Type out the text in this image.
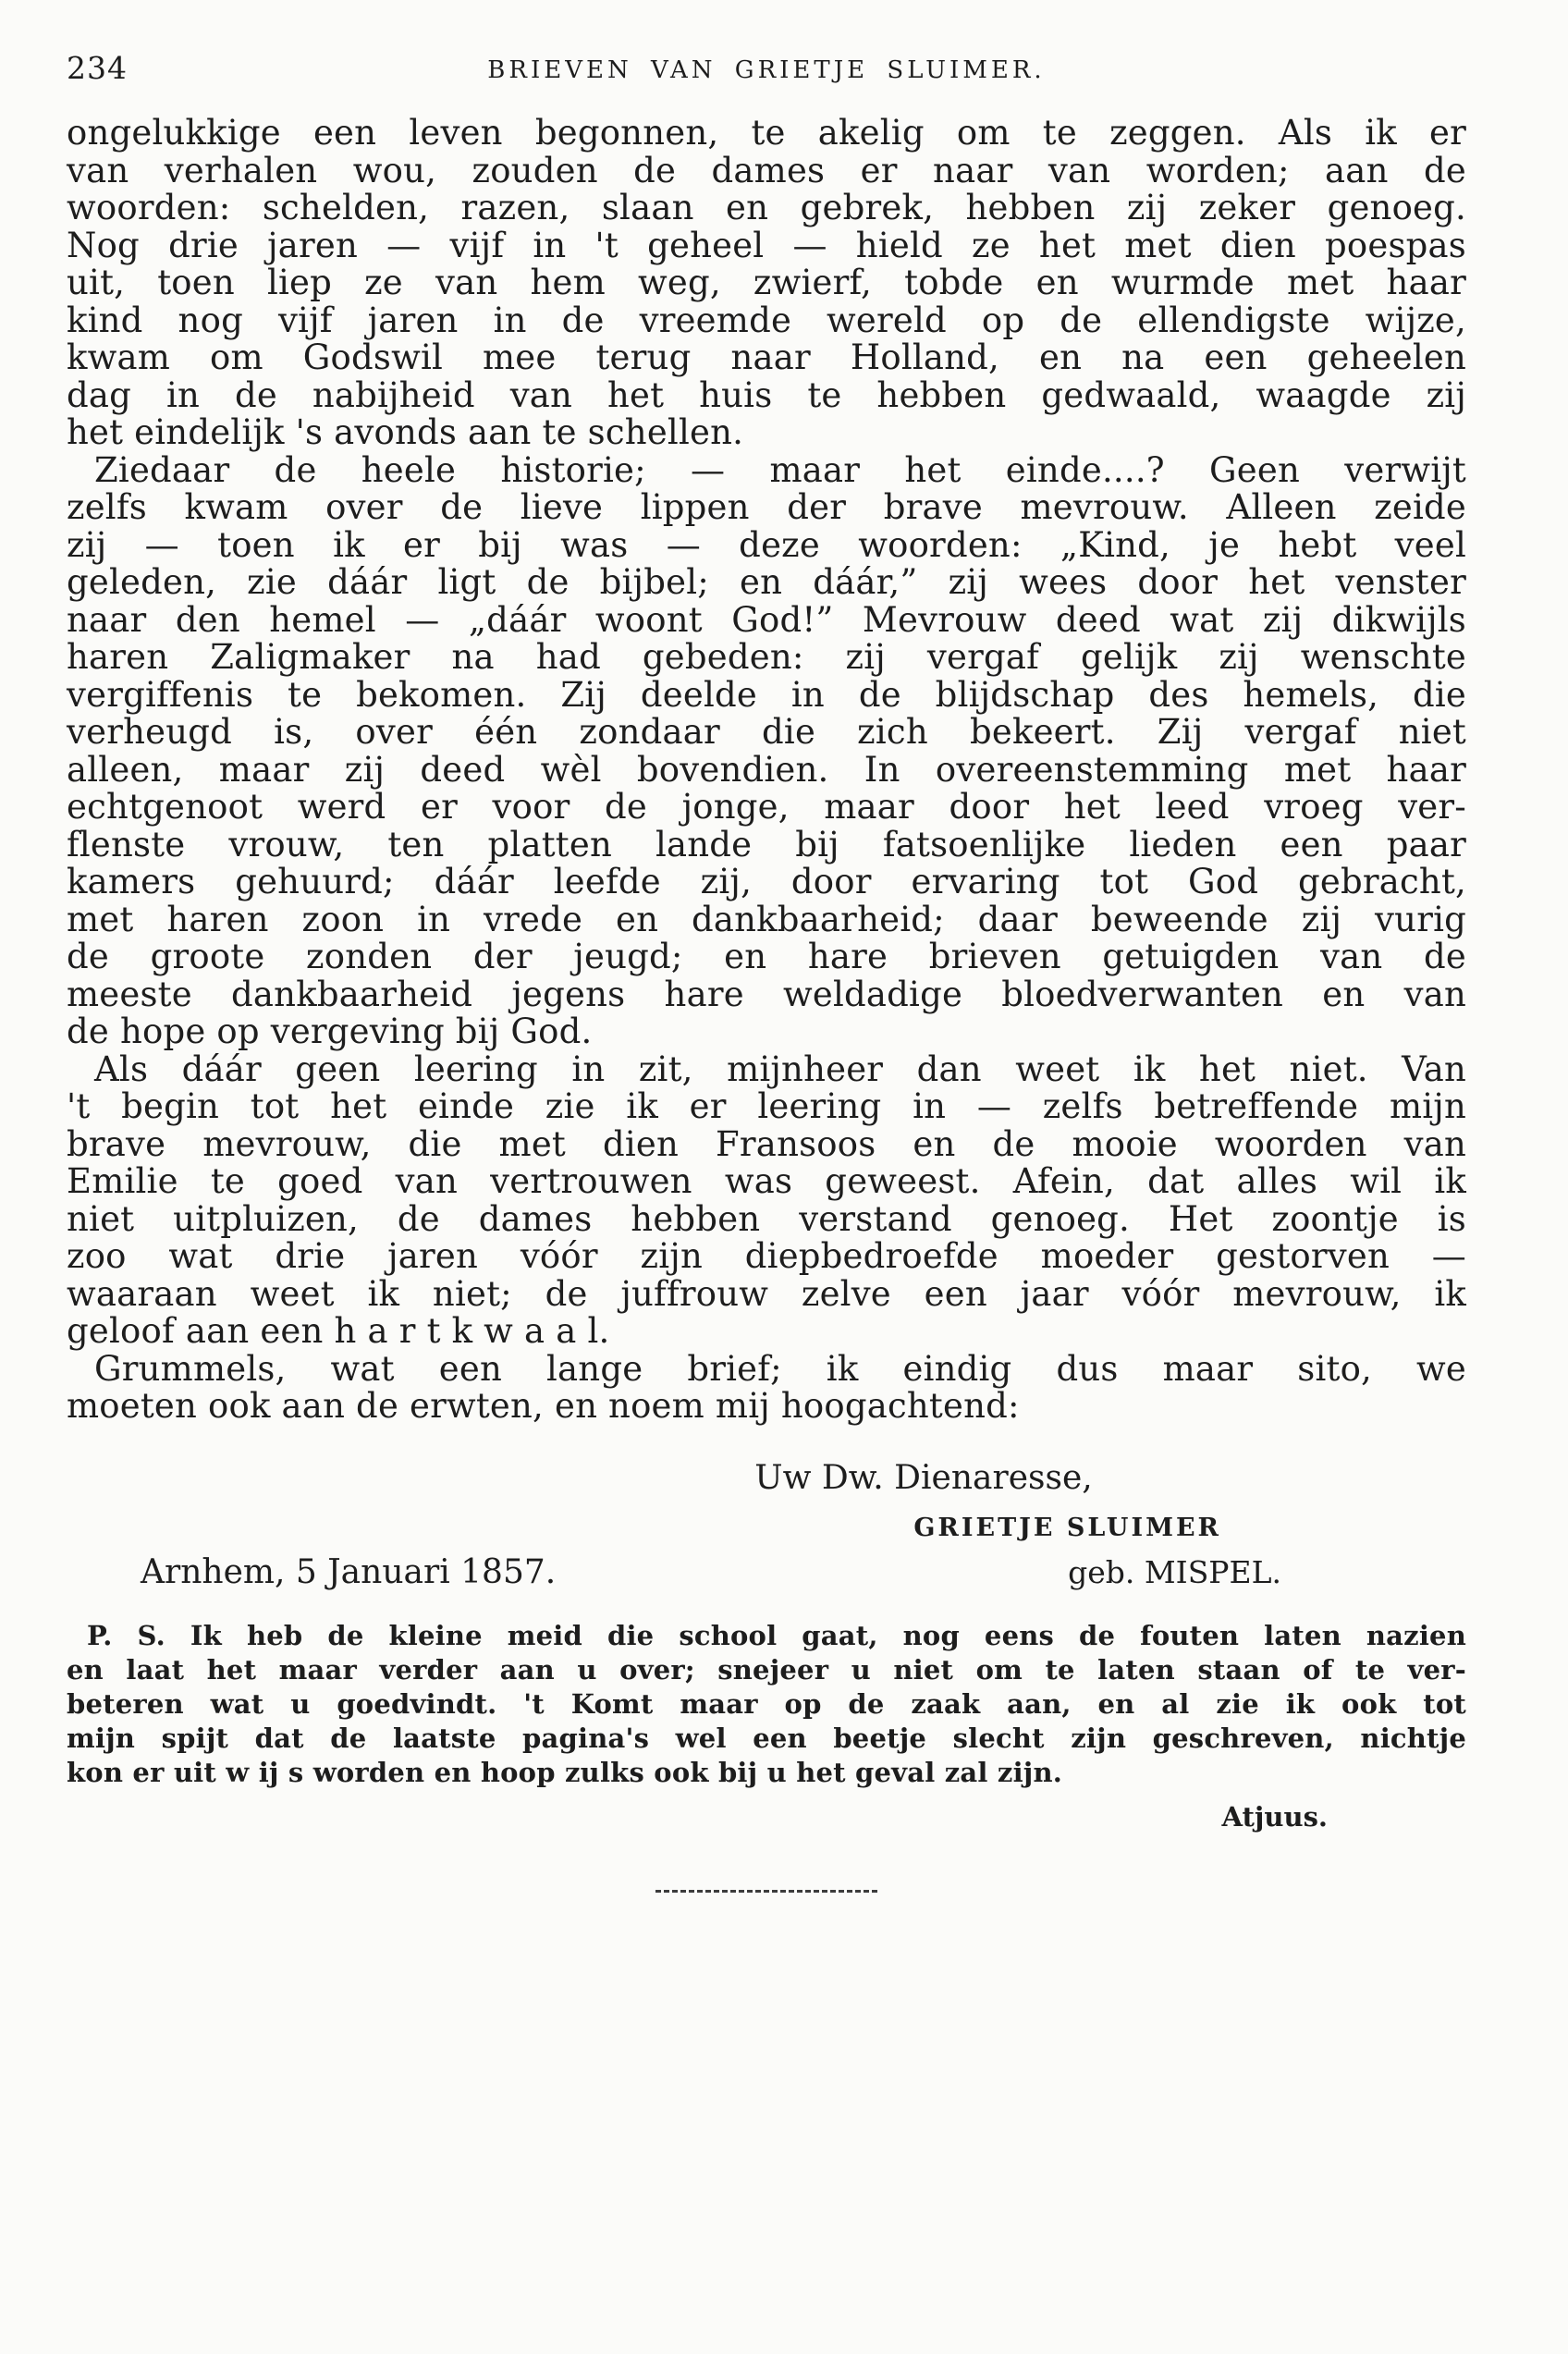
234	BRIEVEN VAN GRIETJE SLUIMER.
ongelukkige een leven begonnen, te akelig om te zeggen. Als ik er
van verhalen wou, zouden de dames er naar van worden; aan de
woorden: schelden, razen, slaan en gebrek, hebben zij zeker genoeg.
Nog drie jaren — vijf in 't geheel — hield ze het met dien poespas
uit, toen liep ze van hem weg, zwierf, tobde en wurmde met haar
kind nog vijf jaren in de vreemde wereld op de ellendigste wijze,
kwam om Godswil mee terug naar Holland, en na een geheelen
dag in de nabijheid van het huis te hebben gedwaald, waagde zij
het eindelijk 's avonds aan te schellen.
Ziedaar de heele historie; — maar het einde....? Geen verwijt
zelfs kwam over de lieve lippen der brave mevrouw. Alleen zeide
zij — toen ik er bij was — deze woorden: „Kind, je hebt veel
geleden, zie dáár ligt de bijbel; en dáár,” zij wees door het venster
naar den hemel — „dáár woont God!” Mevrouw deed wat zij dikwijls
haren Zaligmaker na had gebeden: zij vergaf gelijk zij wenschte
vergiffenis te bekomen. Zij deelde in de blijdschap des hemels, die
verheugd is, over één zondaar die zich bekeert. Zij vergaf niet
alleen, maar zij deed wèl bovendien. In overeenstemming met haar
echtgenoot werd er voor de jonge, maar door het leed vroeg ver-
flenste vrouw, ten platten lande bij fatsoenlijke lieden een paar
kamers gehuurd; dáár leefde zij, door ervaring tot God gebracht,
met haren zoon in vrede en dankbaarheid; daar beweende zij vurig
de groote zonden der jeugd; en hare brieven getuigden van de
meeste dankbaarheid jegens hare weldadige bloedverwanten en van
de hope op vergeving bij God.
Als dáár geen leering in zit, mijnheer dan weet ik het niet. Van
't begin tot het einde zie ik er leering in — zelfs betreffende mijn
brave mevrouw, die met dien Fransoos en de mooie woorden van
Emilie te goed van vertrouwen was geweest. Afein, dat alles wil ik
niet uitpluizen, de dames hebben verstand genoeg. Het zoontje is
zoo wat drie jaren vóór zijn diepbedroefde moeder gestorven —
waaraan weet ik niet; de juffrouw zelve een jaar vóór mevrouw, ik
geloof aan een h a r t k w a a l.
Grummels, wat een lange brief; ik eindig dus maar sito, we
moeten ook aan de erwten, en noem mij hoogachtend:
Uw Dw. Dienaresse,
GRIETJE SLUIMER
Arnhem, 5 Januari 1857.	geb. MISPEL.
P. S. Ik heb de kleine meid die school gaat, nog eens de fouten laten nazien
en laat het maar verder aan u over; snejeer u niet om te laten staan of te ver-
beteren wat u goedvindt. 't Komt maar op de zaak aan, en al zie ik ook tot
mijn spijt dat de laatste pagina's wel een beetje slecht zijn geschreven, nichtje
kon er uit w ij s worden en hoop zulks ook bij u het geval zal zijn.
Atjuus.
